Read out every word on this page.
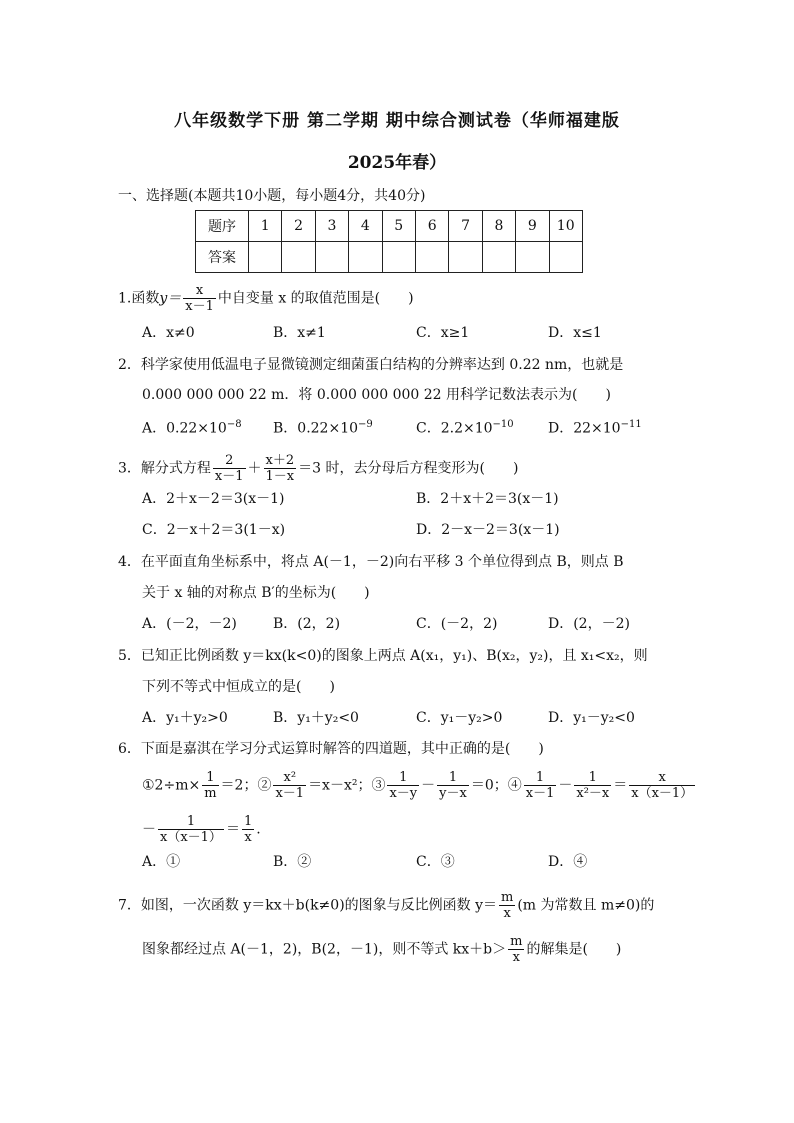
八年级数学下册 第二学期 期中综合测试卷（华师福建版
2025年春）
一、选择题(本题共10小题，每小题4分，共40分)
题序	1	2	3	4	5	6	7	8	9	10
答案										
1.函数$y= \frac{x}{x-1}$ 中自变量 x 的取值范围是(　　)
A．x≠0	B．x≠1	C．x≥1	D．x≤1
2．科学家使用低温电子显微镜测定细菌蛋白结构的分辨率达到 0.22 nm，也就是
0.000 000 000 22 m．将 0.000 000 000 22 用科学记数法表示为(　　)
A．$0.22\times 10^{-8}$ B．$0.22\times 10^{-9}$	C．$2.2\times 10^{-10}$ D．$22\times 10^{-11}$
3．解分式方程 $\frac{2}{x-1} + \frac{x+2}{1-x} =3$ 时，去分母后方程变形为(　　)
A．2＋x－2＝3(x－1)	B．2＋x＋2＝3(x－1)
C．2－x＋2＝3(1－x)	D．2－x－2＝3(x－1)
4．在平面直角坐标系中，将点 A(－1，－2)向右平移 3 个单位得到点 B，则点 B
关于 x 轴的对称点 B′的坐标为(　　)
A．(－2，－2)	B．(2，2)	C．(－2，2)	D．(2，－2)
5．已知正比例函数 y＝kx(k<0)的图象上两点 A(x₁，y₁)、B(x₂，y₂)，且 x₁<x₂，则
下列不等式中恒成立的是(　　)
A．y₁＋y₂>0	B．y₁＋y₂<0	C．y₁－y₂>0	D．y₁－y₂<0
6．下面是嘉淇在学习分式运算时解答的四道题，其中正确的是(　　)
①2÷m× $\frac{1}{m} =2$；② $\frac{\text{x²}}{x-1} =x-x^2$；③ $\frac{1}{x-y} - \frac{1}{y-x} =0$；④ $\frac{1}{x-1} - \frac{1}{\text{x²－x}} = \frac{x}{x(x-1)}$
－ $\frac{1}{x(x-1)} = \frac{1}{x}$ .
A．①	B．②	C．③	D．④
7．如图，一次函数 y＝kx＋b(k≠0)的图象与反比例函数 $y= \frac{m}{x} (m$ 为常数且 m≠0)的
图象都经过点 A(－1，2)，B(2，－1)，则不等式 $kx+b> \frac{m}{x}$ 的解集是(　　)
